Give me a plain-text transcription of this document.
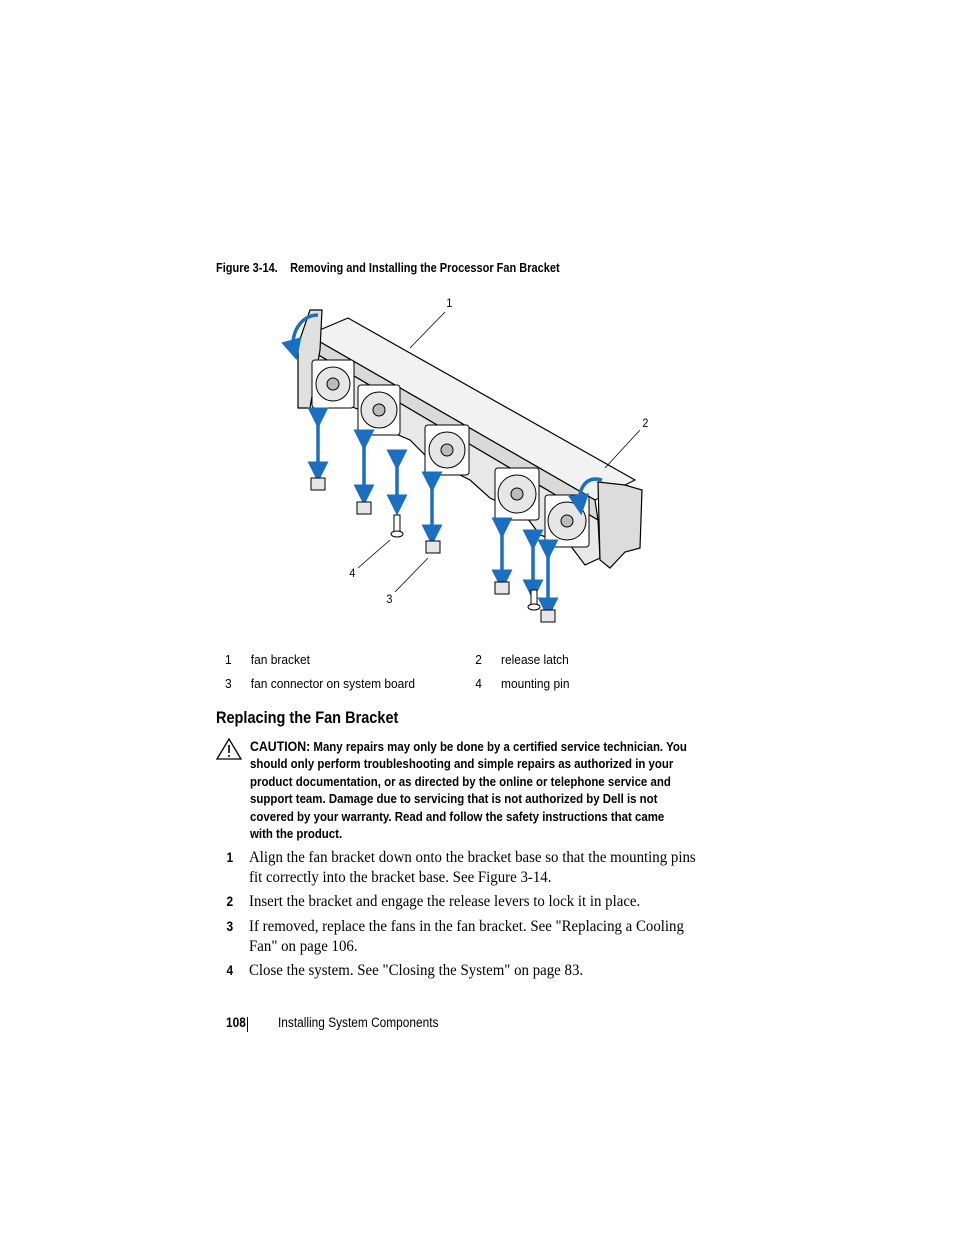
Figure 3-14. Removing and Installing the Processor Fan Bracket
1
2
3
4
1 fan bracket	2 release latch
3 fan connector on system board	4 mounting pin
Replacing the Fan Bracket
CAUTION: Many repairs may only be done by a certified service technician. You should only perform troubleshooting and simple repairs as authorized in your product documentation, or as directed by the online or telephone service and support team. Damage due to servicing that is not authorized by Dell is not covered by your warranty. Read and follow the safety instructions that came with the product.
1 Align the fan bracket down onto the bracket base so that the mounting pins fit correctly into the bracket base. See Figure 3-14.
2 Insert the bracket and engage the release levers to lock it in place.
3 If removed, replace the fans in the fan bracket. See "Replacing a Cooling Fan" on page 106.
4 Close the system. See "Closing the System" on page 83.
108 Installing System Components
